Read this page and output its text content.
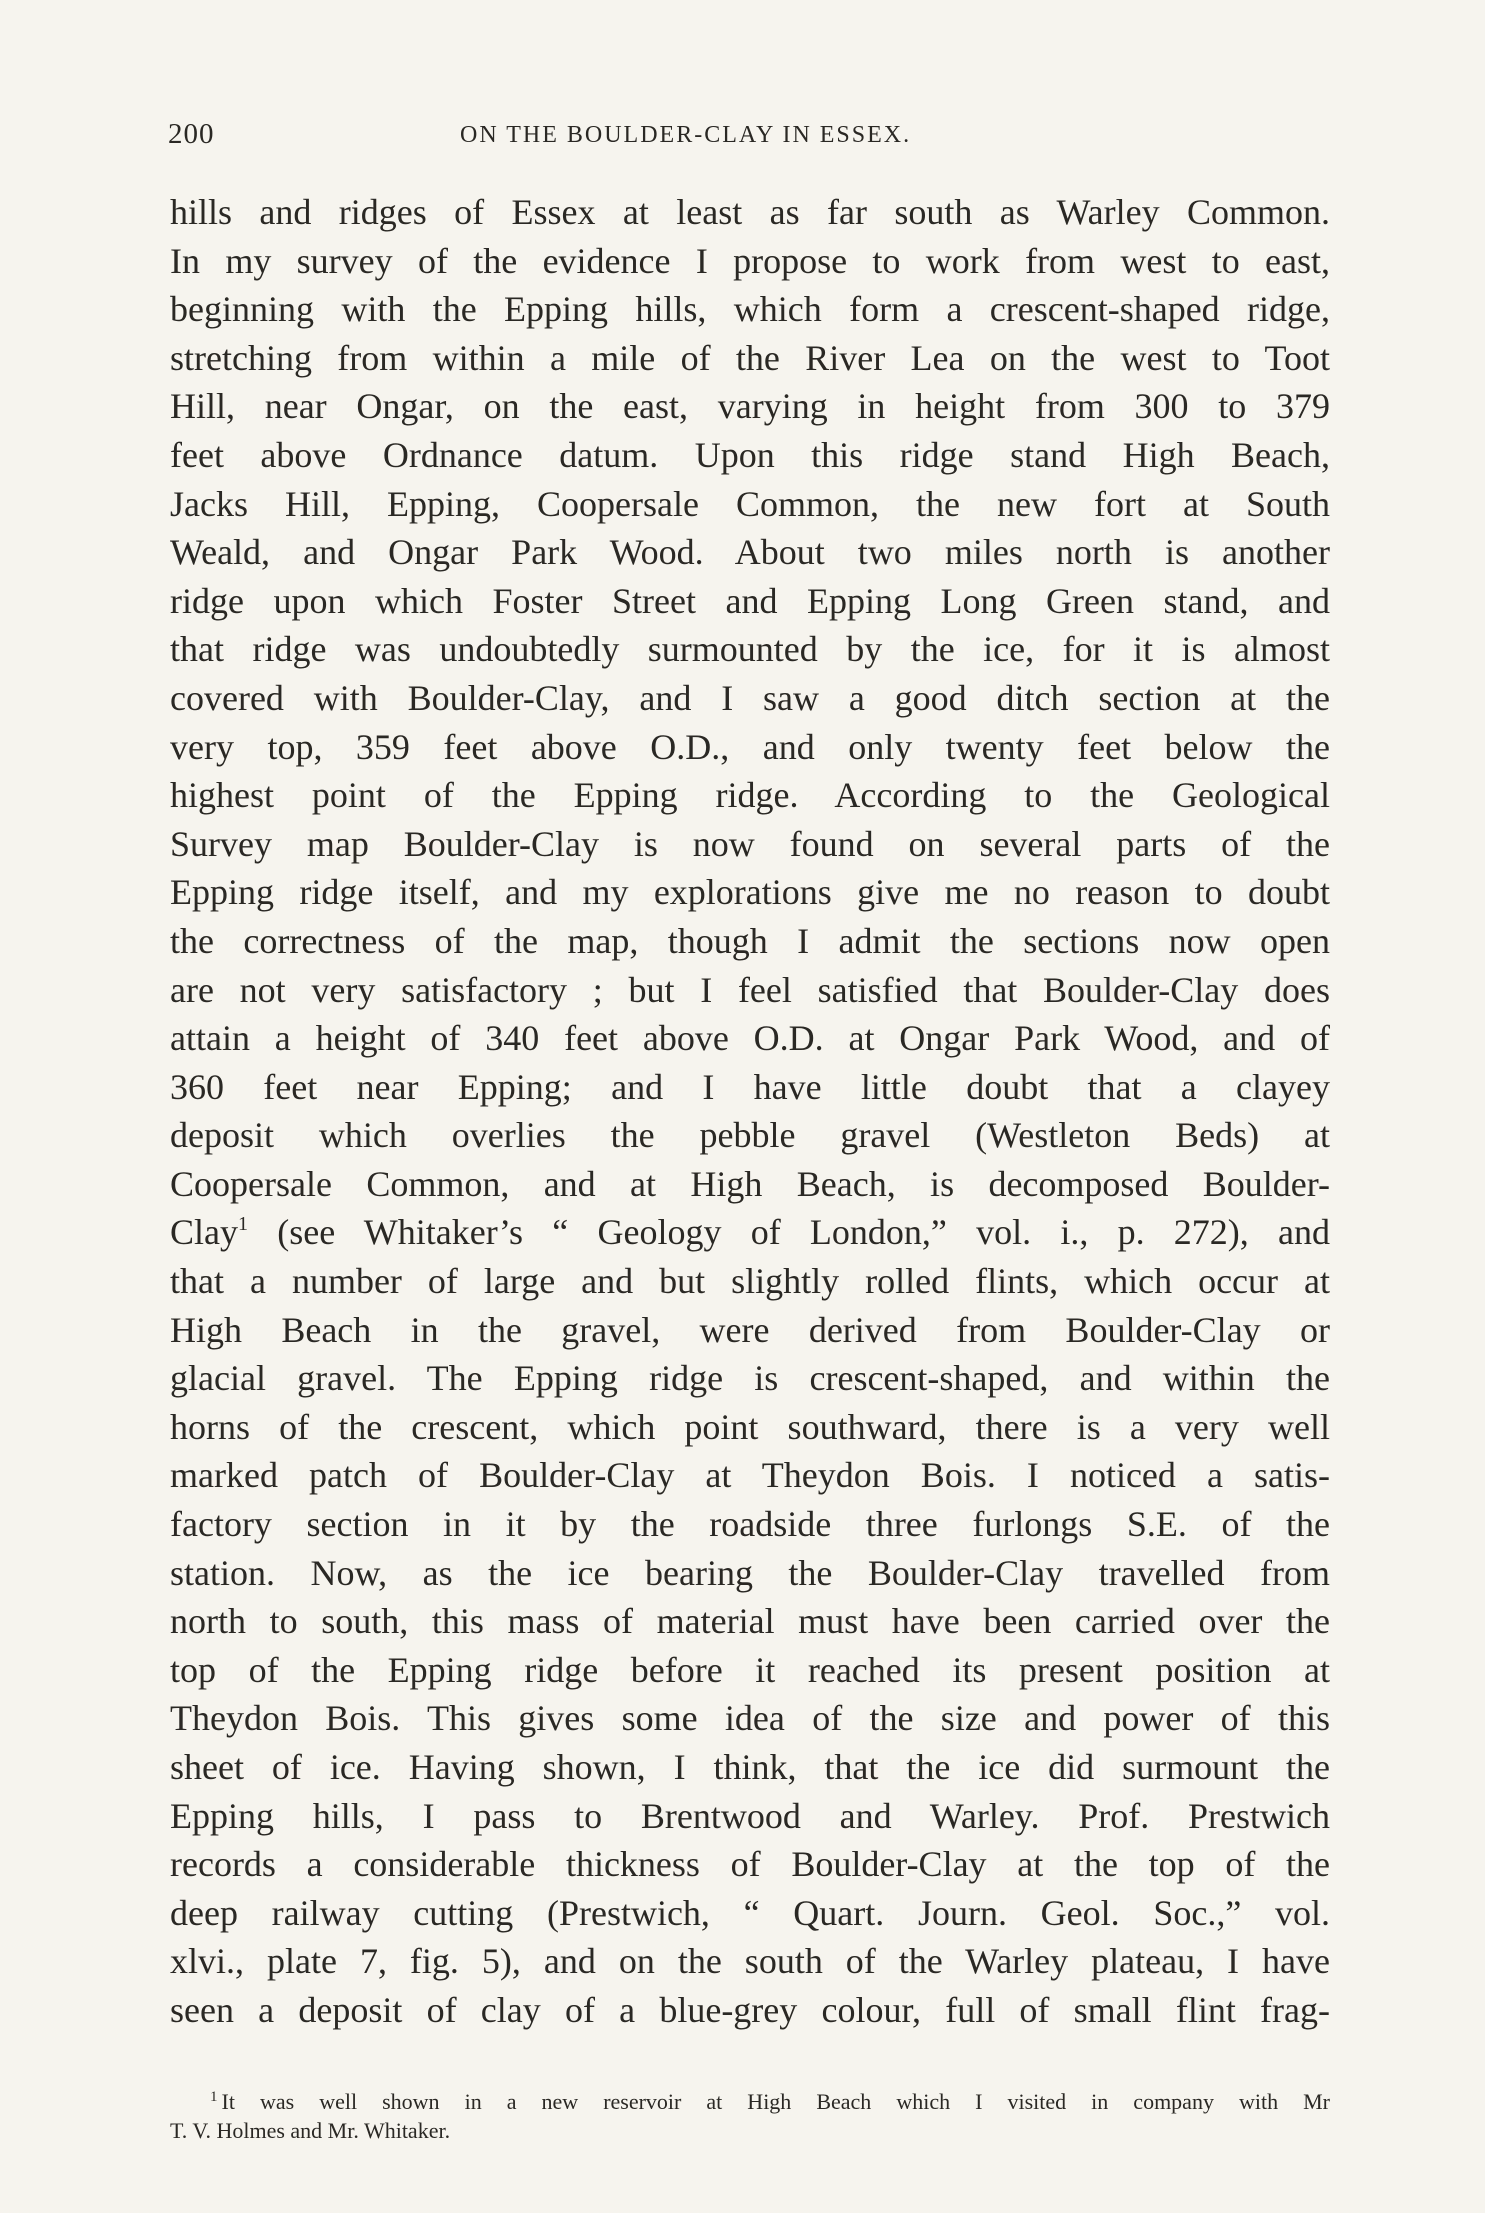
200	ON THE BOULDER-CLAY IN ESSEX.
hills and ridges of Essex at least as far south as Warley Common.
In my survey of the evidence I propose to work from west to east,
beginning with the Epping hills, which form a crescent-shaped ridge,
stretching from within a mile of the River Lea on the west to Toot
Hill, near Ongar, on the east, varying in height from 300 to 379
feet above Ordnance datum. Upon this ridge stand High Beach,
Jacks Hill, Epping, Coopersale Common, the new fort at South
Weald, and Ongar Park Wood. About two miles north is another
ridge upon which Foster Street and Epping Long Green stand, and
that ridge was undoubtedly surmounted by the ice, for it is almost
covered with Boulder-Clay, and I saw a good ditch section at the
very top, 359 feet above O.D., and only twenty feet below the
highest point of the Epping ridge. According to the Geological
Survey map Boulder-Clay is now found on several parts of the
Epping ridge itself, and my explorations give me no reason to doubt
the correctness of the map, though I admit the sections now open
are not very satisfactory ; but I feel satisfied that Boulder-Clay does
attain a height of 340 feet above O.D. at Ongar Park Wood, and of
360 feet near Epping; and I have little doubt that a clayey
deposit which overlies the pebble gravel (Westleton Beds) at
Coopersale Common, and at High Beach, is decomposed Boulder-
Clay$^1$ (see Whitaker’s “ Geology of London,” vol. i., p. 272), and
that a number of large and but slightly rolled flints, which occur at
High Beach in the gravel, were derived from Boulder-Clay or
glacial gravel. The Epping ridge is crescent-shaped, and within the
horns of the crescent, which point southward, there is a very well
marked patch of Boulder-Clay at Theydon Bois. I noticed a satis-
factory section in it by the roadside three furlongs S.E. of the
station. Now, as the ice bearing the Boulder-Clay travelled from
north to south, this mass of material must have been carried over the
top of the Epping ridge before it reached its present position at
Theydon Bois. This gives some idea of the size and power of this
sheet of ice. Having shown, I think, that the ice did surmount the
Epping hills, I pass to Brentwood and Warley. Prof. Prestwich
records a considerable thickness of Boulder-Clay at the top of the
deep railway cutting (Prestwich, “ Quart. Journ. Geol. Soc.,” vol.
xlvi., plate 7, fig. 5), and on the south of the Warley plateau, I have
seen a deposit of clay of a blue-grey colour, full of small flint frag-
$^1$ It was well shown in a new reservoir at High Beach which I visited in company with Mr
T. V. Holmes and Mr. Whitaker.
